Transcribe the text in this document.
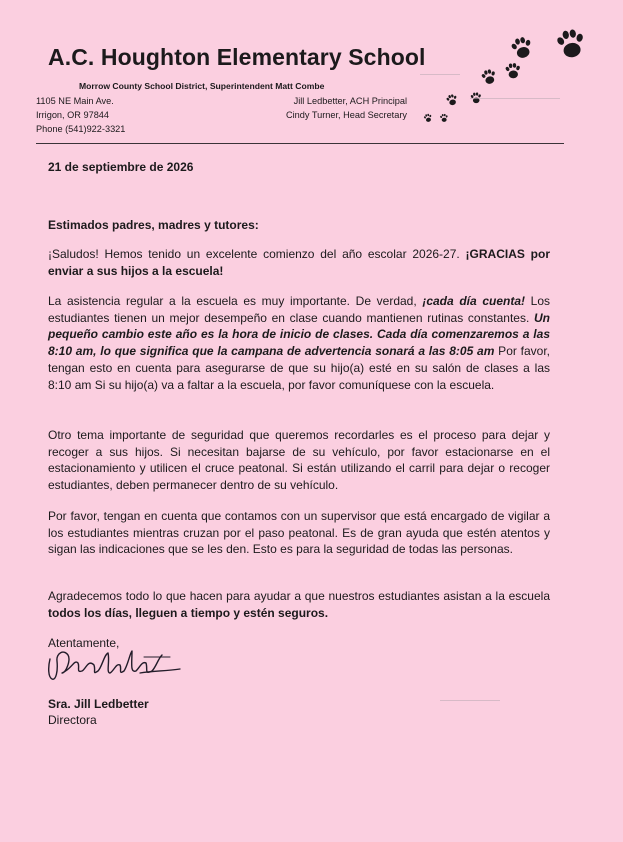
A.C. Houghton Elementary School
Morrow County School District, Superintendent Matt Combe
1105 NE Main Ave.
Irrigon, OR 97844
Phone (541)922-3321
Jill Ledbetter, ACH Principal
Cindy Turner, Head Secretary
21 de septiembre de 2026
Estimados padres, madres y tutores:

¡Saludos! Hemos tenido un excelente comienzo del año escolar 2026-27. ¡GRACIAS por enviar a sus hijos a la escuela!

La asistencia regular a la escuela es muy importante. De verdad, ¡cada día cuenta! Los estudiantes tienen un mejor desempeño en clase cuando mantienen rutinas constantes. Un pequeño cambio este año es la hora de inicio de clases. Cada día comenzaremos a las 8:10 am, lo que significa que la campana de advertencia sonará a las 8:05 am Por favor, tengan esto en cuenta para asegurarse de que su hijo(a) esté en su salón de clases a las 8:10 am Si su hijo(a) va a faltar a la escuela, por favor comuníquese con la escuela.

Otro tema importante de seguridad que queremos recordarles es el proceso para dejar y recoger a sus hijos. Si necesitan bajarse de su vehículo, por favor estacionarse en el estacionamiento y utilicen el cruce peatonal. Si están utilizando el carril para dejar o recoger estudiantes, deben permanecer dentro de su vehículo.

Por favor, tengan en cuenta que contamos con un supervisor que está encargado de vigilar a los estudiantes mientras cruzan por el paso peatonal. Es de gran ayuda que estén atentos y sigan las indicaciones que se les den. Esto es para la seguridad de todas las personas.

Agradecemos todo lo que hacen para ayudar a que nuestros estudiantes asistan a la escuela todos los días, lleguen a tiempo y estén seguros.

Atentamente,
Sra. Jill Ledbetter
Directora
